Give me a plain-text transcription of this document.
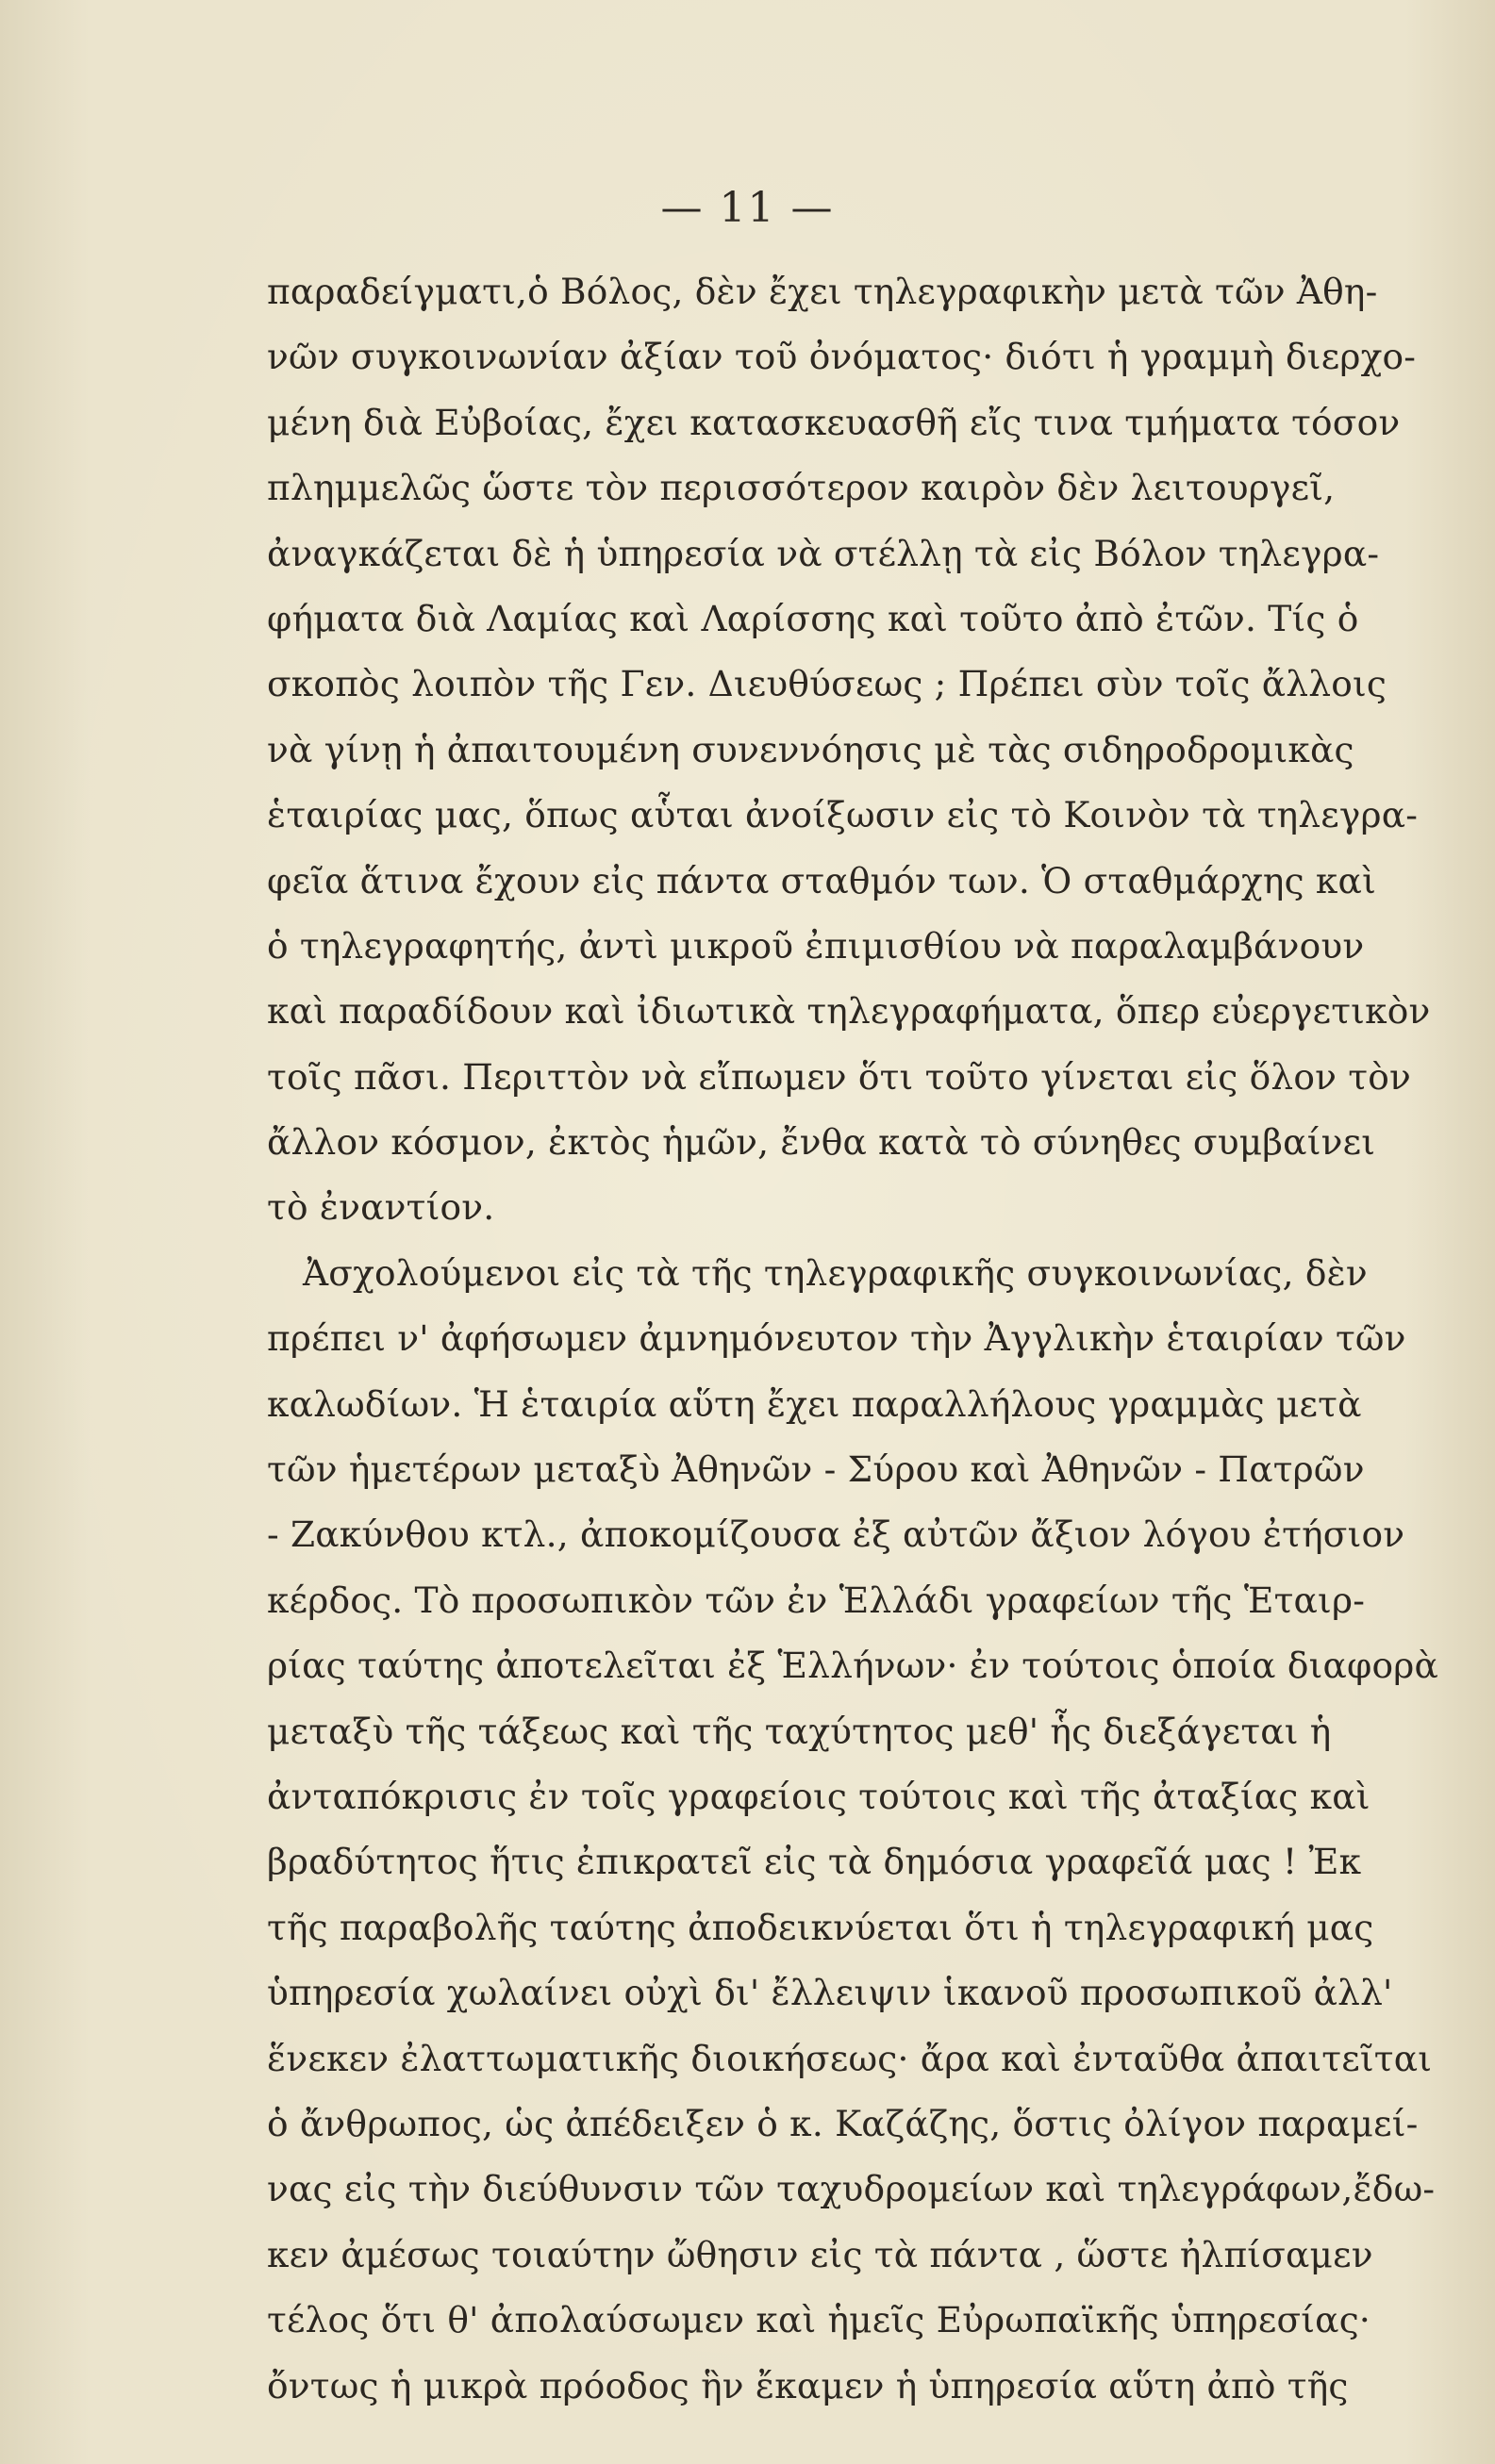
— 11 —
παραδείγματι,ὁ Βόλος, δὲν ἔχει τηλεγραφικὴν μετὰ τῶν Ἀθη-
νῶν συγκοινωνίαν ἀξίαν τοῦ ὀνόματος· διότι ἡ γραμμὴ διερχο-
μένη διὰ Εὐβοίας, ἔχει κατασκευασθῆ εἴς τινα τμήματα τόσον
πλημμελῶς ὥστε τὸν περισσότερον καιρὸν δὲν λειτουργεῖ,
ἀναγκάζεται δὲ ἡ ὑπηρεσία νὰ στέλλῃ τὰ εἰς Βόλον τηλεγρα-
φήματα διὰ Λαμίας καὶ Λαρίσσης καὶ τοῦτο ἀπὸ ἐτῶν. Τίς ὁ
σκοπὸς λοιπὸν τῆς Γεν. Διευθύσεως ; Πρέπει σὺν τοῖς ἄλλοις
νὰ γίνῃ ἡ ἀπαιτουμένη συνεννόησις μὲ τὰς σιδηροδρομικὰς
ἑταιρίας μας, ὅπως αὗται ἀνοίξωσιν εἰς τὸ Κοινὸν τὰ τηλεγρα-
φεῖα ἅτινα ἔχουν εἰς πάντα σταθμόν των. Ὁ σταθμάρχης καὶ
ὁ τηλεγραφητής, ἀντὶ μικροῦ ἐπιμισθίου νὰ παραλαμβάνουν
καὶ παραδίδουν καὶ ἰδιωτικὰ τηλεγραφήματα, ὅπερ εὐεργετικὸν
τοῖς πᾶσι. Περιττὸν νὰ εἴπωμεν ὅτι τοῦτο γίνεται εἰς ὅλον τὸν
ἄλλον κόσμον, ἐκτὸς ἡμῶν, ἔνθα κατὰ τὸ σύνηθες συμβαίνει
τὸ ἐναντίον.
Ἀσχολούμενοι εἰς τὰ τῆς τηλεγραφικῆς συγκοινωνίας, δὲν
πρέπει ν' ἀφήσωμεν ἀμνημόνευτον τὴν Ἀγγλικὴν ἑταιρίαν τῶν
καλωδίων. Ἡ ἑταιρία αὕτη ἔχει παραλλήλους γραμμὰς μετὰ
τῶν ἡμετέρων μεταξὺ Ἀθηνῶν - Σύρου καὶ Ἀθηνῶν - Πατρῶν
- Ζακύνθου κτλ., ἀποκομίζουσα ἐξ αὐτῶν ἄξιον λόγου ἐτήσιον
κέρδος. Τὸ προσωπικὸν τῶν ἐν Ἑλλάδι γραφείων τῆς Ἑταιρ-
ρίας ταύτης ἀποτελεῖται ἐξ Ἑλλήνων· ἐν τούτοις ὁποία διαφορὰ
μεταξὺ τῆς τάξεως καὶ τῆς ταχύτητος μεθ' ἧς διεξάγεται ἡ
ἀνταπόκρισις ἐν τοῖς γραφείοις τούτοις καὶ τῆς ἀταξίας καὶ
βραδύτητος ἥτις ἐπικρατεῖ εἰς τὰ δημόσια γραφεῖά μας ! Ἐκ
τῆς παραβολῆς ταύτης ἀποδεικνύεται ὅτι ἡ τηλεγραφική μας
ὑπηρεσία χωλαίνει οὐχὶ δι' ἔλλειψιν ἱκανοῦ προσωπικοῦ ἀλλ'
ἕνεκεν ἐλαττωματικῆς διοικήσεως· ἄρα καὶ ἐνταῦθα ἀπαιτεῖται
ὁ ἄνθρωπος, ὡς ἀπέδειξεν ὁ κ. Καζάζης, ὅστις ὀλίγον παραμεί-
νας εἰς τὴν διεύθυνσιν τῶν ταχυδρομείων καὶ τηλεγράφων,ἔδω-
κεν ἀμέσως τοιαύτην ὤθησιν εἰς τὰ πάντα , ὥστε ἠλπίσαμεν
τέλος ὅτι θ' ἀπολαύσωμεν καὶ ἡμεῖς Εὐρωπαϊκῆς ὑπηρεσίας·
ὄντως ἡ μικρὰ πρόοδος ἣν ἔκαμεν ἡ ὑπηρεσία αὕτη ἀπὸ τῆς
